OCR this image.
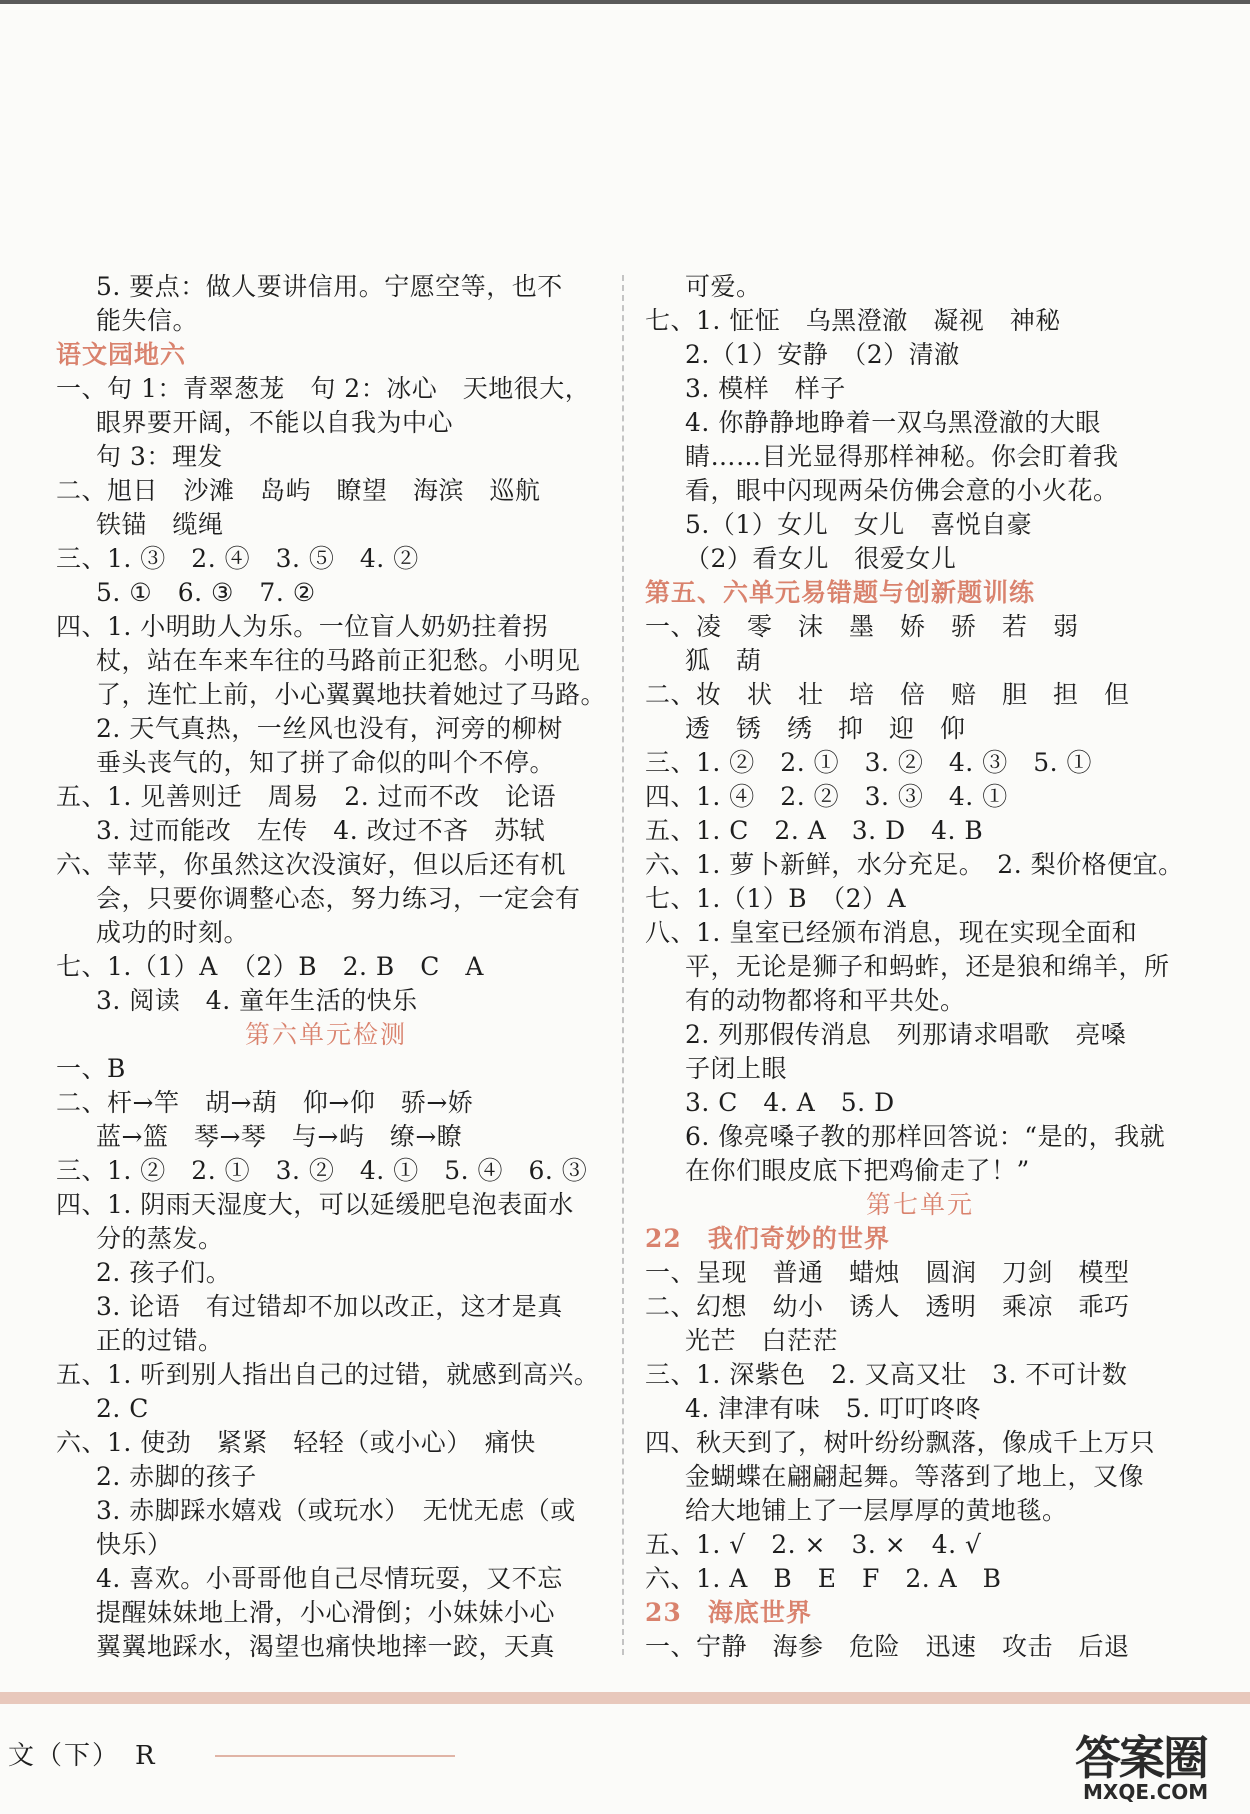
5. 要点：做人要讲信用。宁愿空等，也不
能失信。
语文园地六
一、句 1：青翠葱茏　句 2：冰心　天地很大，
眼界要开阔，不能以自我为中心
句 3：理发
二、旭日　沙滩　岛屿　瞭望　海滨　巡航
铁锚　缆绳
三、1. ③　2. ④　3. ⑤　4. ②
5. ①　6. ③　7. ②
四、1. 小明助人为乐。一位盲人奶奶拄着拐
杖，站在车来车往的马路前正犯愁。小明见
了，连忙上前，小心翼翼地扶着她过了马路。
2. 天气真热，一丝风也没有，河旁的柳树
垂头丧气的，知了拼了命似的叫个不停。
五、1. 见善则迁　周易　2. 过而不改　论语
3. 过而能改　左传　4. 改过不吝　苏轼
六、苹苹，你虽然这次没演好，但以后还有机
会，只要你调整心态，努力练习，一定会有
成功的时刻。
七、1.（1）A　（2）B　2. B　C　A
3. 阅读　4. 童年生活的快乐
第六单元检测
一、B
二、杆→竿　胡→葫　仰→仰　骄→娇
蓝→篮　琴→琴　与→屿　缭→瞭
三、1. ②　2. ①　3. ②　4. ①　5. ④　6. ③
四、1. 阴雨天湿度大，可以延缓肥皂泡表面水
分的蒸发。
2. 孩子们。
3. 论语　有过错却不加以改正，这才是真
正的过错。
五、1. 听到别人指出自己的过错，就感到高兴。
2. C
六、1. 使劲　紧紧　轻轻（或小心）　痛快
2. 赤脚的孩子
3. 赤脚踩水嬉戏（或玩水）　无忧无虑（或
快乐）
4. 喜欢。小哥哥他自己尽情玩耍，又不忘
提醒妹妹地上滑，小心滑倒；小妹妹小心
翼翼地踩水，渴望也痛快地摔一跤，天真
可爱。
七、1. 怔怔　乌黑澄澈　凝视　神秘
2.（1）安静　（2）清澈
3. 模样　样子
4. 你静静地睁着一双乌黑澄澈的大眼
睛……目光显得那样神秘。你会盯着我
看，眼中闪现两朵仿佛会意的小火花。
5.（1）女儿　女儿　喜悦自豪
（2）看女儿　很爱女儿
第五、六单元易错题与创新题训练
一、凌　零　沫　墨　娇　骄　若　弱
狐　葫
二、妆　状　壮　培　倍　赔　胆　担　但
透　锈　绣　抑　迎　仰
三、1. ②　2. ①　3. ②　4. ③　5. ①
四、1. ④　2. ②　3. ③　4. ①
五、1. C　2. A　3. D　4. B
六、1. 萝卜新鲜，水分充足。　2. 梨价格便宜。
七、1.（1）B　（2）A
八、1. 皇室已经颁布消息，现在实现全面和
平，无论是狮子和蚂蚱，还是狼和绵羊，所
有的动物都将和平共处。
2. 列那假传消息　列那请求唱歌　亮嗓
子闭上眼
3. C　4. A　5. D
6. 像亮嗓子教的那样回答说：“是的，我就
在你们眼皮底下把鸡偷走了！”
第七单元
22　 我们奇妙的世界
一、呈现　普通　蜡烛　圆润　刀剑　模型
二、幻想　幼小　诱人　透明　乘凉　乖巧
光芒　白茫茫
三、1. 深紫色　2. 又高又壮　3. 不可计数
4. 津津有味　5. 叮叮咚咚
四、秋天到了，树叶纷纷飘落，像成千上万只
金蝴蝶在翩翩起舞。等落到了地上，又像
给大地铺上了一层厚厚的黄地毯。
五、1. √　2. ×　3. ×　4. √
六、1. A　B　E　F　2. A　B
23　 海底世界
一、宁静　海参　危险　迅速　攻击　后退
文（下）　R	答案圈
MXQE.COM
